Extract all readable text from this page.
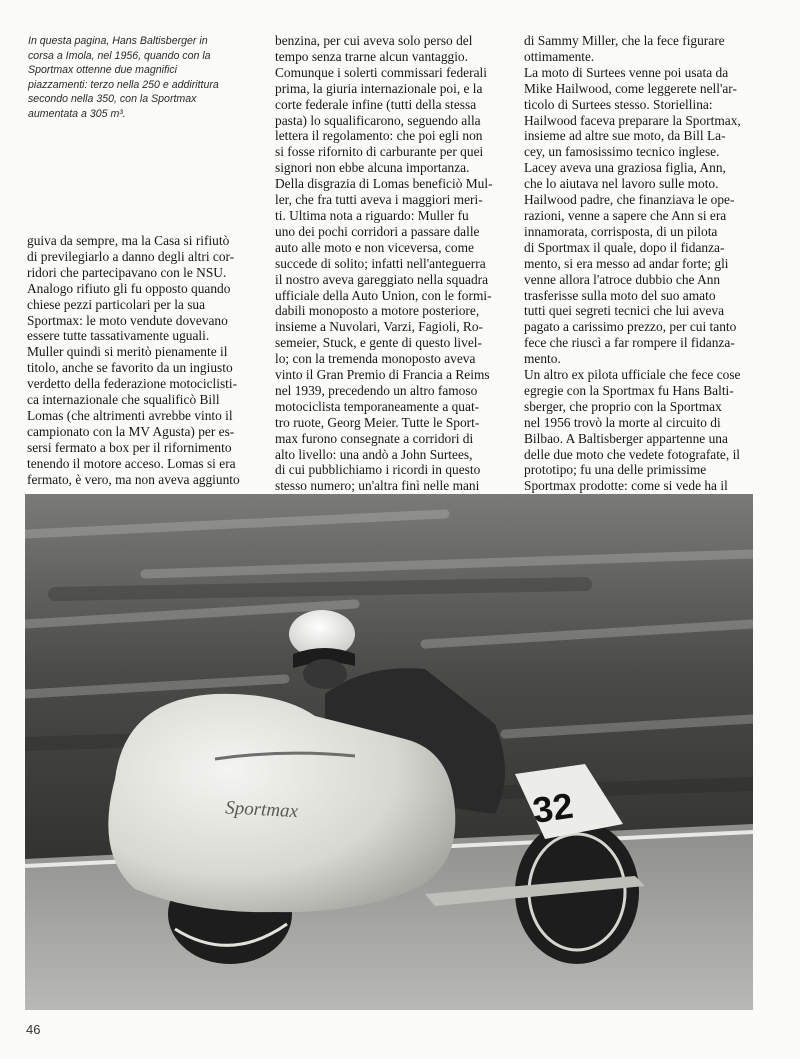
In questa pagina, Hans Baltisberger in

corsa a Imola, nel 1956, quando con la

Sportmax ottenne due magnifici

piazzamenti: terzo nella 250 e addirittura

secondo nella 350, con la Sportmax

aumentata a 305 m³.

guiva da sempre, ma la Casa si rifiutò

di previlegiarlo a danno degli altri cor-

ridori che partecipavano con le NSU.

Analogo rifiuto gli fu opposto quando

chiese pezzi particolari per la sua

Sportmax: le moto vendute dovevano

essere tutte tassativamente uguali.

Muller quindi si meritò pienamente il

titolo, anche se favorito da un ingiusto

verdetto della federazione motociclisti-

ca internazionale che squalificò Bill

Lomas (che altrimenti avrebbe vinto il

campionato con la MV Agusta) per es-

sersi fermato a box per il rifornimento

tenendo il motore acceso. Lomas si era

fermato, è vero, ma non aveva aggiunto

benzina, per cui aveva solo perso del

tempo senza trarne alcun vantaggio.

Comunque i solerti commissari federali

prima, la giuria internazionale poi, e la

corte federale infine (tutti della stessa

pasta) lo squalificarono, seguendo alla

lettera il regolamento: che poi egli non

si fosse rifornito di carburante per quei

signori non ebbe alcuna importanza.

Della disgrazia di Lomas beneficiò Mul-

ler, che fra tutti aveva i maggiori meri-

ti. Ultima nota a riguardo: Muller fu

uno dei pochi corridori a passare dalle

auto alle moto e non viceversa, come

succede di solito; infatti nell'anteguerra

il nostro aveva gareggiato nella squadra

ufficiale della Auto Union, con le formi-

dabili monoposto a motore posteriore,

insieme a Nuvolari, Varzi, Fagioli, Ro-

semeier, Stuck, e gente di questo livel-

lo; con la tremenda monoposto aveva

vinto il Gran Premio di Francia a Reims

nel 1939, precedendo un altro famoso

motociclista temporaneamente a quat-

tro ruote, Georg Meier. Tutte le Sport-

max furono consegnate a corridori di

alto livello: una andò a John Surtees,

di cui pubblichiamo i ricordi in questo

stesso numero; un'altra finì nelle mani

di Sammy Miller, che la fece figurare

ottimamente.

La moto di Surtees venne poi usata da

Mike Hailwood, come leggerete nell'ar-

ticolo di Surtees stesso. Storiellina:

Hailwood faceva preparare la Sportmax,

insieme ad altre sue moto, da Bill La-

cey, un famosissimo tecnico inglese.

Lacey aveva una graziosa figlia, Ann,

che lo aiutava nel lavoro sulle moto.

Hailwood padre, che finanziava le ope-

razioni, venne a sapere che Ann si era

innamorata, corrisposta, di un pilota

di Sportmax il quale, dopo il fidanza-

mento, si era messo ad andar forte; gli

venne allora l'atroce dubbio che Ann

trasferisse sulla moto del suo amato

tutti quei segreti tecnici che lui aveva

pagato a carissimo prezzo, per cui tanto

fece che riuscì a far rompere il fidanza-

mento.

Un altro ex pilota ufficiale che fece cose

egregie con la Sportmax fu Hans Balti-

sberger, che proprio con la Sportmax

nel 1956 trovò la morte al circuito di

Bilbao. A Baltisberger appartenne una

delle due moto che vedete fotografate, il

prototipo; fu una delle primissime

Sportmax prodotte: come si vede ha il

32
Sportmax
46
